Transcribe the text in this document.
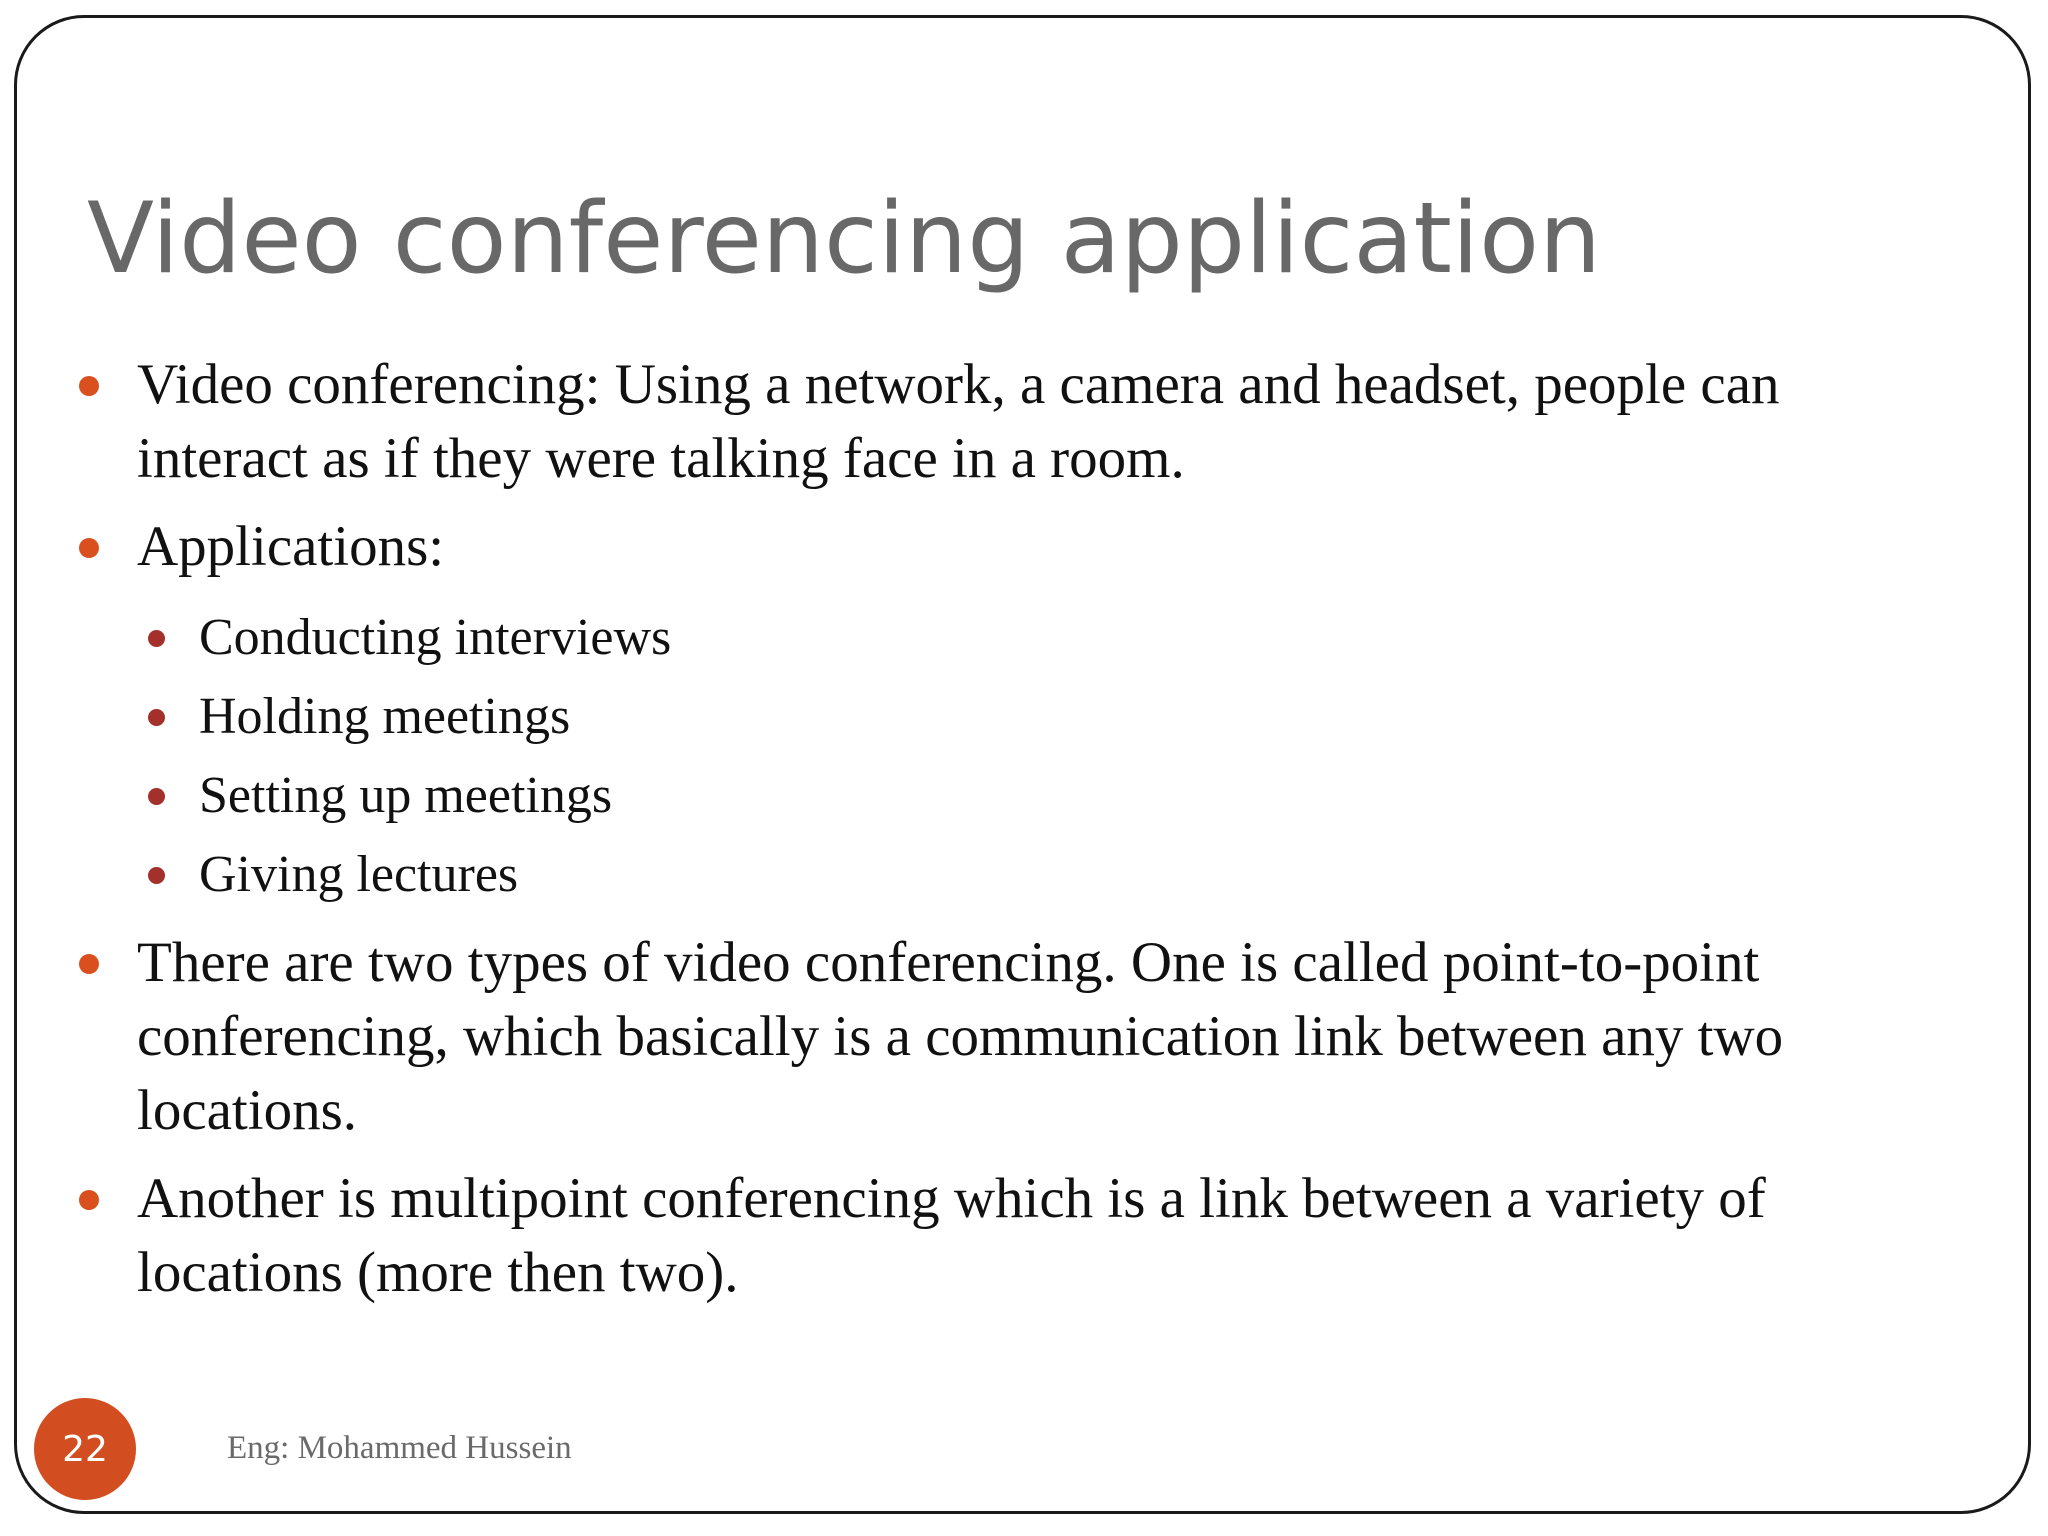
Video conferencing application
Video conferencing: Using a network, a camera and headset, people can interact as if they were talking face in a room.
Applications:
Conducting interviews
Holding meetings
Setting up meetings
Giving lectures
There are two types of video conferencing. One is called point-to-point conferencing, which basically is a communication link between any two locations.
Another is multipoint conferencing which is a link between a variety of locations (more then two).
22	Eng: Mohammed Hussein
